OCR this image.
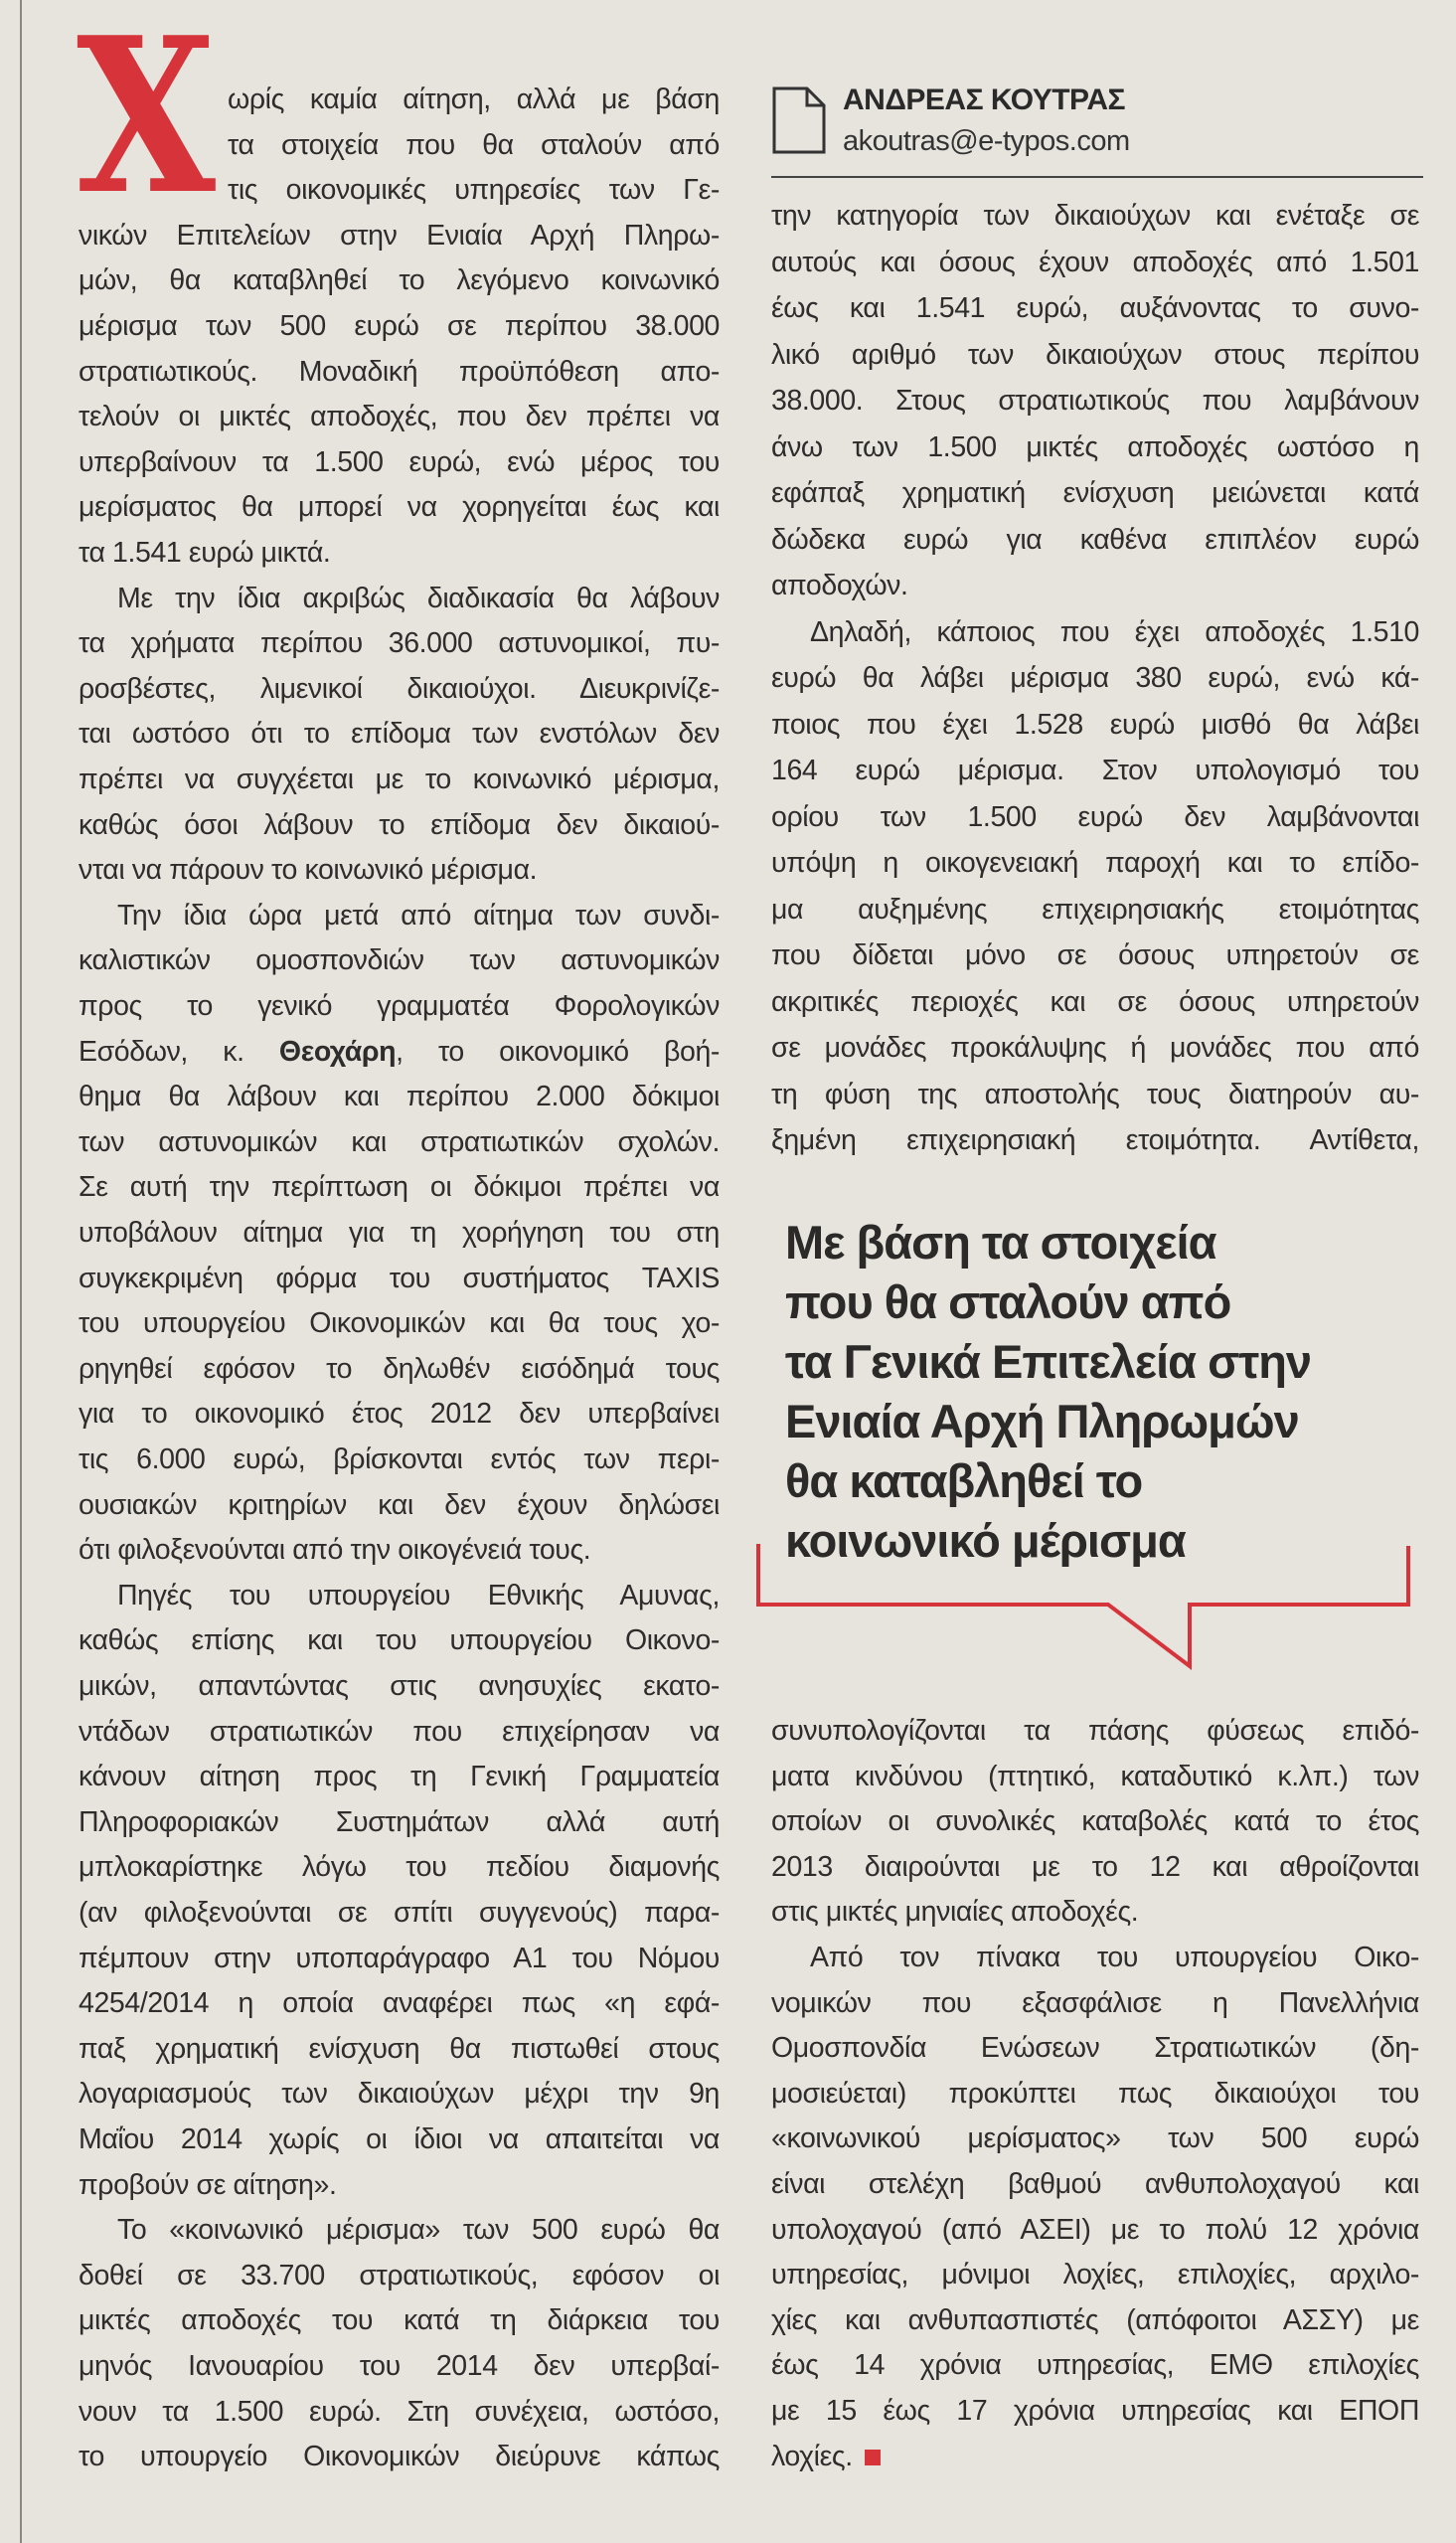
Χ	ΑΝΔΡΕΑΣ ΚΟΥΤΡΑΣ
akoutras@e-typos.com
ωρίς καμία αίτηση, αλλά με βάση
τα στοιχεία που θα σταλούν από
τις οικονομικές υπηρεσίες των Γε-
νικών Επιτελείων στην Ενιαία Αρχή Πληρω-
μών, θα καταβληθεί το λεγόμενο κοινωνικό
μέρισμα των 500 ευρώ σε περίπου 38.000
στρατιωτικούς. Μοναδική προϋπόθεση απο-
τελούν οι μικτές αποδοχές, που δεν πρέπει να
υπερβαίνουν τα 1.500 ευρώ, ενώ μέρος του
μερίσματος θα μπορεί να χορηγείται έως και
τα 1.541 ευρώ μικτά.
Με την ίδια ακριβώς διαδικασία θα λάβουν
τα χρήματα περίπου 36.000 αστυνομικοί, πυ-
ροσβέστες, λιμενικοί δικαιούχοι. Διευκρινίζε-
ται ωστόσο ότι το επίδομα των ενστόλων δεν
πρέπει να συγχέεται με το κοινωνικό μέρισμα,
καθώς όσοι λάβουν το επίδομα δεν δικαιού-
νται να πάρουν το κοινωνικό μέρισμα.
Την ίδια ώρα μετά από αίτημα των συνδι-
καλιστικών ομοσπονδιών των αστυνομικών
προς το γενικό γραμματέα Φορολογικών
Εσόδων, κ. Θεοχάρη, το οικονομικό βοή-
θημα θα λάβουν και περίπου 2.000 δόκιμοι
των αστυνομικών και στρατιωτικών σχολών.
Σε αυτή την περίπτωση οι δόκιμοι πρέπει να
υποβάλουν αίτημα για τη χορήγηση του στη
συγκεκριμένη φόρμα του συστήματος TAXIS
του υπουργείου Οικονομικών και θα τους χο-
ρηγηθεί εφόσον το δηλωθέν εισόδημά τους
για το οικονομικό έτος 2012 δεν υπερβαίνει
τις 6.000 ευρώ, βρίσκονται εντός των περι-
ουσιακών κριτηρίων και δεν έχουν δηλώσει
ότι φιλοξενούνται από την οικογένειά τους.
Πηγές του υπουργείου Εθνικής Αμυνας,
καθώς επίσης και του υπουργείου Οικονο-
μικών, απαντώντας στις ανησυχίες εκατο-
ντάδων στρατιωτικών που επιχείρησαν να
κάνουν αίτηση προς τη Γενική Γραμματεία
Πληροφοριακών Συστημάτων αλλά αυτή
μπλοκαρίστηκε λόγω του πεδίου διαμονής
(αν φιλοξενούνται σε σπίτι συγγενούς) παρα-
πέμπουν στην υποπαράγραφο Α1 του Νόμου
4254/2014 η οποία αναφέρει πως «η εφά-
παξ χρηματική ενίσχυση θα πιστωθεί στους
λογαριασμούς των δικαιούχων μέχρι την 9η
Μαΐου 2014 χωρίς οι ίδιοι να απαιτείται να
προβούν σε αίτηση».
Το «κοινωνικό μέρισμα» των 500 ευρώ θα
δοθεί σε 33.700 στρατιωτικούς, εφόσον οι
μικτές αποδοχές του κατά τη διάρκεια του
μηνός Ιανουαρίου του 2014 δεν υπερβαί-
νουν τα 1.500 ευρώ. Στη συνέχεια, ωστόσο,
το υπουργείο Οικονομικών διεύρυνε κάπως
την κατηγορία των δικαιούχων και ενέταξε σε
αυτούς και όσους έχουν αποδοχές από 1.501
έως και 1.541 ευρώ, αυξάνοντας το συνο-
λικό αριθμό των δικαιούχων στους περίπου
38.000. Στους στρατιωτικούς που λαμβάνουν
άνω των 1.500 μικτές αποδοχές ωστόσο η
εφάπαξ χρηματική ενίσχυση μειώνεται κατά
δώδεκα ευρώ για καθένα επιπλέον ευρώ
αποδοχών.
Δηλαδή, κάποιος που έχει αποδοχές 1.510
ευρώ θα λάβει μέρισμα 380 ευρώ, ενώ κά-
ποιος που έχει 1.528 ευρώ μισθό θα λάβει
164 ευρώ μέρισμα. Στον υπολογισμό του
ορίου των 1.500 ευρώ δεν λαμβάνονται
υπόψη η οικογενειακή παροχή και το επίδο-
μα αυξημένης επιχειρησιακής ετοιμότητας
που δίδεται μόνο σε όσους υπηρετούν σε
ακριτικές περιοχές και σε όσους υπηρετούν
σε μονάδες προκάλυψης ή μονάδες που από
τη φύση της αποστολής τους διατηρούν αυ-
ξημένη επιχειρησιακή ετοιμότητα. Αντίθετα,
συνυπολογίζονται τα πάσης φύσεως επιδό-
ματα κινδύνου (πτητικό, καταδυτικό κ.λπ.) των
οποίων οι συνολικές καταβολές κατά το έτος
2013 διαιρούνται με το 12 και αθροίζονται
στις μικτές μηνιαίες αποδοχές.
Από τον πίνακα του υπουργείου Οικο-
νομικών που εξασφάλισε η Πανελλήνια
Ομοσπονδία Ενώσεων Στρατιωτικών (δη-
μοσιεύεται) προκύπτει πως δικαιούχοι του
«κοινωνικού μερίσματος» των 500 ευρώ
είναι στελέχη βαθμού ανθυπολοχαγού και
υπολοχαγού (από ΑΣΕΙ) με το πολύ 12 χρόνια
υπηρεσίας, μόνιμοι λοχίες, επιλοχίες, αρχιλο-
χίες και ανθυπασπιστές (απόφοιτοι ΑΣΣΥ) με
έως 14 χρόνια υπηρεσίας, ΕΜΘ επιλοχίες
με 15 έως 17 χρόνια υπηρεσίας και ΕΠΟΠ
λοχίες.
Με βάση τα στοιχεία
που θα σταλούν από
τα Γενικά Επιτελεία στην
Ενιαία Αρχή Πληρωμών
θα καταβληθεί το
κοινωνικό μέρισμα
